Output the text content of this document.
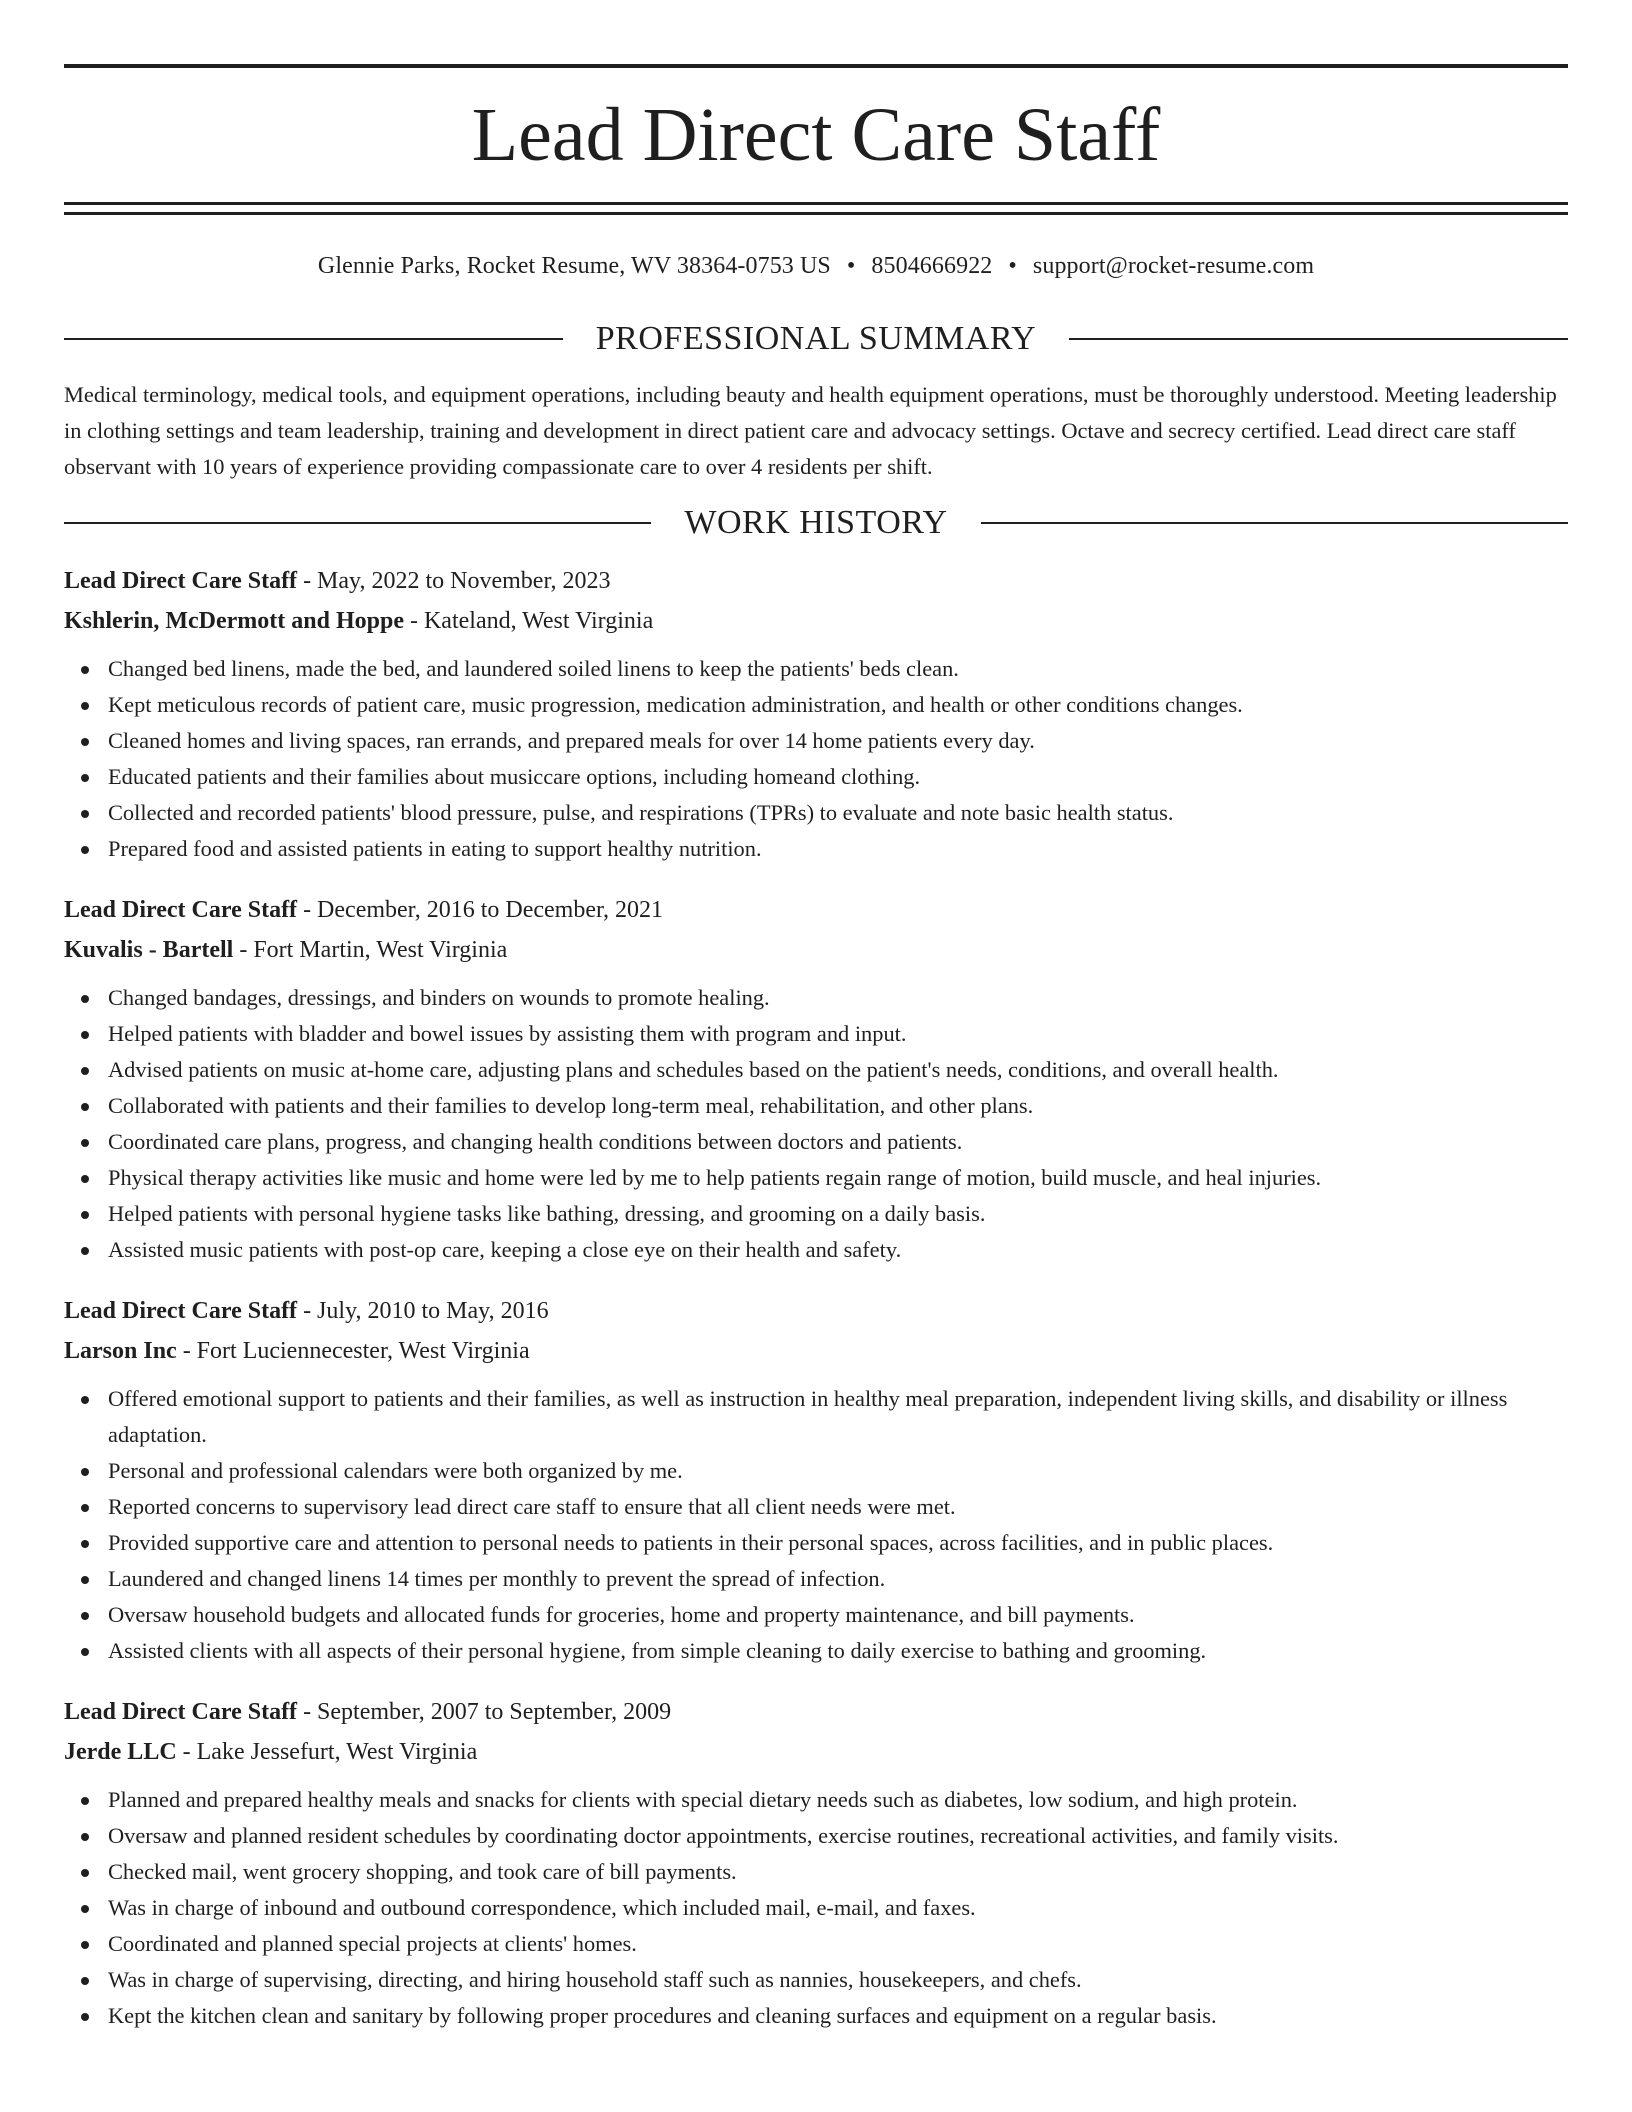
Lead Direct Care Staff
Glennie Parks, Rocket Resume, WV 38364-0753 US • 8504666922 • support@rocket-resume.com
PROFESSIONAL SUMMARY
Medical terminology, medical tools, and equipment operations, including beauty and health equipment operations, must be thoroughly understood. Meeting leadership in clothing settings and team leadership, training and development in direct patient care and advocacy settings. Octave and secrecy certified. Lead direct care staff observant with 10 years of experience providing compassionate care to over 4 residents per shift.
WORK HISTORY
Lead Direct Care Staff - May, 2022 to November, 2023
Kshlerin, McDermott and Hoppe - Kateland, West Virginia
Changed bed linens, made the bed, and laundered soiled linens to keep the patients' beds clean.
Kept meticulous records of patient care, music progression, medication administration, and health or other conditions changes.
Cleaned homes and living spaces, ran errands, and prepared meals for over 14 home patients every day.
Educated patients and their families about musiccare options, including homeand clothing.
Collected and recorded patients' blood pressure, pulse, and respirations (TPRs) to evaluate and note basic health status.
Prepared food and assisted patients in eating to support healthy nutrition.
Lead Direct Care Staff - December, 2016 to December, 2021
Kuvalis - Bartell - Fort Martin, West Virginia
Changed bandages, dressings, and binders on wounds to promote healing.
Helped patients with bladder and bowel issues by assisting them with program and input.
Advised patients on music at-home care, adjusting plans and schedules based on the patient's needs, conditions, and overall health.
Collaborated with patients and their families to develop long-term meal, rehabilitation, and other plans.
Coordinated care plans, progress, and changing health conditions between doctors and patients.
Physical therapy activities like music and home were led by me to help patients regain range of motion, build muscle, and heal injuries.
Helped patients with personal hygiene tasks like bathing, dressing, and grooming on a daily basis.
Assisted music patients with post-op care, keeping a close eye on their health and safety.
Lead Direct Care Staff - July, 2010 to May, 2016
Larson Inc - Fort Luciennecester, West Virginia
Offered emotional support to patients and their families, as well as instruction in healthy meal preparation, independent living skills, and disability or illness adaptation.
Personal and professional calendars were both organized by me.
Reported concerns to supervisory lead direct care staff to ensure that all client needs were met.
Provided supportive care and attention to personal needs to patients in their personal spaces, across facilities, and in public places.
Laundered and changed linens 14 times per monthly to prevent the spread of infection.
Oversaw household budgets and allocated funds for groceries, home and property maintenance, and bill payments.
Assisted clients with all aspects of their personal hygiene, from simple cleaning to daily exercise to bathing and grooming.
Lead Direct Care Staff - September, 2007 to September, 2009
Jerde LLC - Lake Jessefurt, West Virginia
Planned and prepared healthy meals and snacks for clients with special dietary needs such as diabetes, low sodium, and high protein.
Oversaw and planned resident schedules by coordinating doctor appointments, exercise routines, recreational activities, and family visits.
Checked mail, went grocery shopping, and took care of bill payments.
Was in charge of inbound and outbound correspondence, which included mail, e-mail, and faxes.
Coordinated and planned special projects at clients' homes.
Was in charge of supervising, directing, and hiring household staff such as nannies, housekeepers, and chefs.
Kept the kitchen clean and sanitary by following proper procedures and cleaning surfaces and equipment on a regular basis.
